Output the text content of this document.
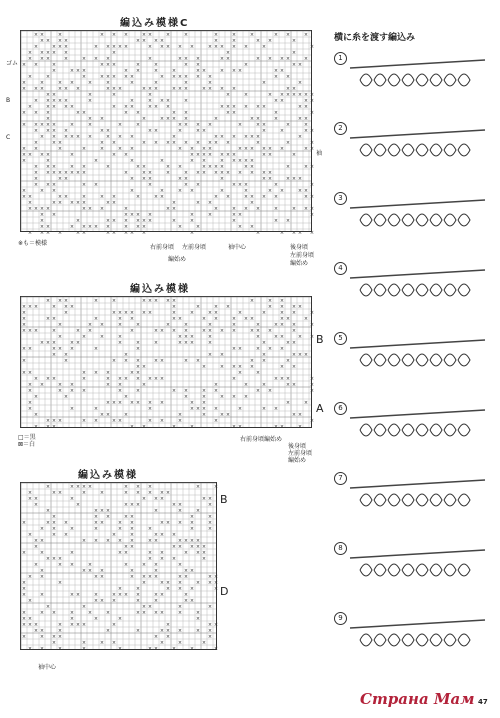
編込み模様C
× ×	×	× × ×	× ×	×	×	×	×	×	× ×	×
× × × ×	× × × ×	×	×	× ×	×
×	× × ×	× × × × ×	× × × × ×	× × × × ×	×	×
× × × × ×	×	×	×
× × ×	×	× × ×	×	× × ×	× ×	× × × ×	×
× ×	×	× × ×	×	×	× ×	×	× ×
×	× × ×	× ×	×	×	× ×	× × ×	× ×
×	×	×	× × × × ×	× × × × × ×	× ×
×	×	× ×	×	×	×	×	×	×	×	×
× × ×	× × ×	× × ×	× × ×	× × ×	× × × ×	× ×
× ×	×	×	×	×	×	× × × × × × ×
× × × × ×	×	×	× × ×	×	× ×	× ×
×	× × × ×	× × ×	× × ×	× × × × × ×	× ×
× × ×	× ×	× ×	× ×	× ×	×	×
×	× ×	×	× × × ×	×	× ×	×	× ×
× × × × ×	×	×	×	×	× × × ×	×	× ×	×	×
× × × ×	× ×	× ×	×	× ×	×	×	× ×
× × × × × ×	× × ×	×	× × × × × ×	×
×	× ×	× ×	× × × × × × × × ×	×	×	×
× ×	×	×	×	× ×	× × × ×	× × × × × ×	× ×
× × × ×	×	× ×	× × × × × × ×	× ×	×
×	×	×	×	×	× ×	× × × × ×
× × ×	× ×	×	× ×	× ×	× × × ×	× ×	×	× ×
× × × × × × × ×	×	× ×	×	× × × × × × × × × ×
×	× ×	× × ×	× ×	×	× ×	× × ×
× × ×	× ×	×	× ×	× × ×	×	×
×	× ×	×	×	× ×	×	×	× ×	× ×
× ×	× ×	×	× ×	×	× ×	× ×	× × × ×	× ×
×	× × × × ×	× ×	×	× ×	×
× × × ×	× × ×	×	× ×	×	× × ×	×	× × ×
× ×	× × × ×	×	×	× ×	×
×	×	× × × × × ×	×	×	×	× ×
× ×	× × × × ×	× × ×	×	×	× ×
× × × ×	× ×	× × × × ×	×	×	× × × ×
ゴム
B
C
袖
※も＝模様
右前身頃 左前身頃
編始め
袖中心	後身頃
左前身頃
編始め
編込み模様
× × ×	×	×	× × × × ×	×	× ×
× × ×	× × ×	×	×	× ×	× × × ×
×	×	× × × × × ×	×	×	× ×	×	×	× ×	×
×	× ×	×	× ×	× ×	× ×	× × ×	× ×	×
×	×	× ×	×	×	×	×	×	×	×	× × ×	×
× × ×	×	× ×	×	× × × ×	× × × ×	× × ×	×
×	×	×	×	× × ×	×	×	× ×	× ×
× × ×	× ×	×	×	×	× × ×	×	×	× ×
× ×	× × ×	×	×	× ×	× × ×
× ×	×	× ×	×	× × ×
×	×	× × ×	× ×	× ×	× ×	×
× ×	×	× × × ×	× ×
× ×	× × ×	× ×	×	×
× × ×	×	× × × × × × ×	×	× × ×	×
× ×	× ×	× ×	×	×	×	×	× ×	×
×	× × ×	×	×	× ×	× ×	× ×	×
×	×	×	×	×	× × ×
×	× × × × × × ×	× ×	×	×
×	×	×	×	× × × ×	×	× ×
×	× ×	×	×	×	× ×	× ×
× × ×	× ×	× ×	× ×	×	×	×
× × ×	× ×	×	×	× ×	× ×	×
B
A
□＝黒
⊠＝白
右前身頃編始め
後身頃
左前身頃
編始め
編込み模様
×	× × × ×	× × ×	×	×
×	× ×	×	×	× × × × ×
× ×	×	× × ×	× ×
×	×	× × ×	× ×	×
×	× × ×	×	×	×
×	× ×	× ×	×	×
×	× × ×	× ×	× ×	× × × ×	×
× ×	×	×	× ×	×	×	×
×	× ×	×	×	× × ×
× ×	× × × × ×	× ×	× × × ×
×	× ×	× × × × ×
×	×	×	× ×	× ×	× × ×
× × ×	× × ×	×
×	× ×	×	×	× ×	×
×	× × ×	×	×	× ×
× ×	× ×	× × × ×	× ×	× ×
×	×	×	× × ×	× × ×
×	×	×	× × ×	×
×	×	× ×	×	× × × ×	× ×	×
×	× × ×	×	×	× ×
×	×	× ×	×	×
×	× ×	×	×	×	× × × ×	×	×
× ×	×	×	×	×
× × ×	× × × ×	×	×	× ×
× ×	×	×	×	× × ×	× ×
×	× × ×	× ×	×
×	×	× ×	×	×	×
× ×	×	×	×	× ×	×	×	×
B
D
袖中心
横に糸を渡す編込み
1
2
3
4
5
6
7
8
9
47
Страна Мам
